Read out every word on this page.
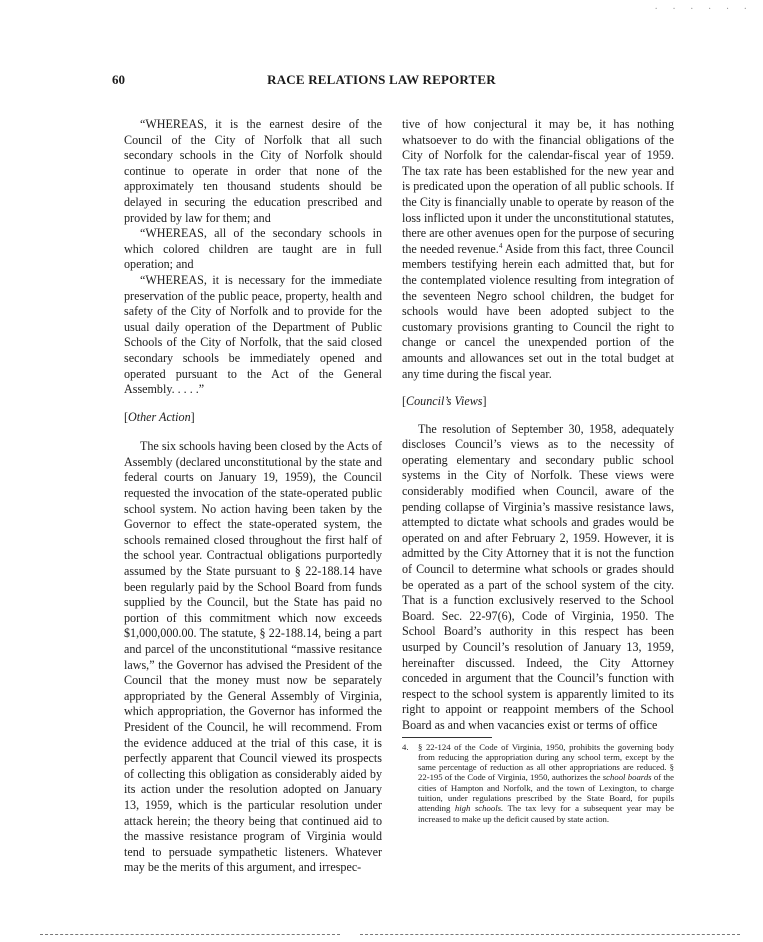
· · · · · ·
60	RACE RELATIONS LAW REPORTER

“WHEREAS, it is the earnest desire of the Council of the City of Norfolk that all such secondary schools in the City of Norfolk should continue to operate in order that none of the approximately ten thousand students should be delayed in securing the education prescribed and provided by law for them; and

“WHEREAS, all of the secondary schools in which colored children are taught are in full operation; and

“WHEREAS, it is necessary for the immediate preservation of the public peace, property, health and safety of the City of Norfolk and to provide for the usual daily operation of the Department of Public Schools of the City of Norfolk, that the said closed secondary schools be immediately opened and operated pursuant to the Act of the General Assembly. . . . .”

[Other Action]

The six schools having been closed by the Acts of Assembly (declared unconstitutional by the state and federal courts on January 19, 1959), the Council requested the invocation of the state-operated public school system. No action having been taken by the Governor to effect the state-operated system, the schools remained closed throughout the first half of the school year. Contractual obligations purportedly assumed by the State pursuant to § 22-188.14 have been regularly paid by the School Board from funds supplied by the Council, but the State has paid no portion of this commitment which now exceeds $1,000,000.00. The statute, § 22-188.14, being a part and parcel of the unconstitutional “massive resitance laws,” the Governor has advised the President of the Council that the money must now be separately appropriated by the General Assembly of Virginia, which appropriation, the Governor has informed the President of the Council, he will recommend. From the evidence adduced at the trial of this case, it is perfectly apparent that Council viewed its prospects of collecting this obligation as considerably aided by its action under the resolution adopted on January 13, 1959, which is the particular resolution under attack herein; the theory being that continued aid to the massive resistance program of Virginia would tend to persuade sympathetic listeners. Whatever may be the merits of this argument, and irrespec-

tive of how conjectural it may be, it has nothing whatsoever to do with the financial obligations of the City of Norfolk for the calendar-fiscal year of 1959. The tax rate has been established for the new year and is predicated upon the operation of all public schools. If the City is financially unable to operate by reason of the loss inflicted upon it under the unconstitutional statutes, there are other avenues open for the purpose of securing the needed revenue.$^4$ Aside from this fact, three Council members testifying herein each admitted that, but for the contemplated violence resulting from integration of the seventeen Negro school children, the budget for schools would have been adopted subject to the customary provisions granting to Council the right to change or cancel the unexpended portion of the amounts and allowances set out in the total budget at any time during the fiscal year.

[Council’s Views]

The resolution of September 30, 1958, adequately discloses Council’s views as to the necessity of operating elementary and secondary public school systems in the City of Norfolk. These views were considerably modified when Council, aware of the pending collapse of Virginia’s massive resistance laws, attempted to dictate what schools and grades would be operated on and after February 2, 1959. However, it is admitted by the City Attorney that it is not the function of Council to determine what schools or grades should be operated as a part of the school system of the city. That is a function exclusively reserved to the School Board. Sec. 22-97(6), Code of Virginia, 1950. The School Board’s authority in this respect has been usurped by Council’s resolution of January 13, 1959, hereinafter discussed. Indeed, the City Attorney conceded in argument that the Council’s function with respect to the school system is apparently limited to its right to appoint or reappoint members of the School Board as and when vacancies exist or terms of office

4.	§ 22-124 of the Code of Virginia, 1950, prohibits the governing body from reducing the appropriation during any school term, except by the same percentage of reduction as all other appropriations are reduced. § 22-195 of the Code of Virginia, 1950, authorizes the school boards of the cities of Hampton and Norfolk, and the town of Lexington, to charge tuition, under regulations prescribed by the State Board, for pupils attending high schools. The tax levy for a subsequent year may be increased to make up the deficit caused by state action.
